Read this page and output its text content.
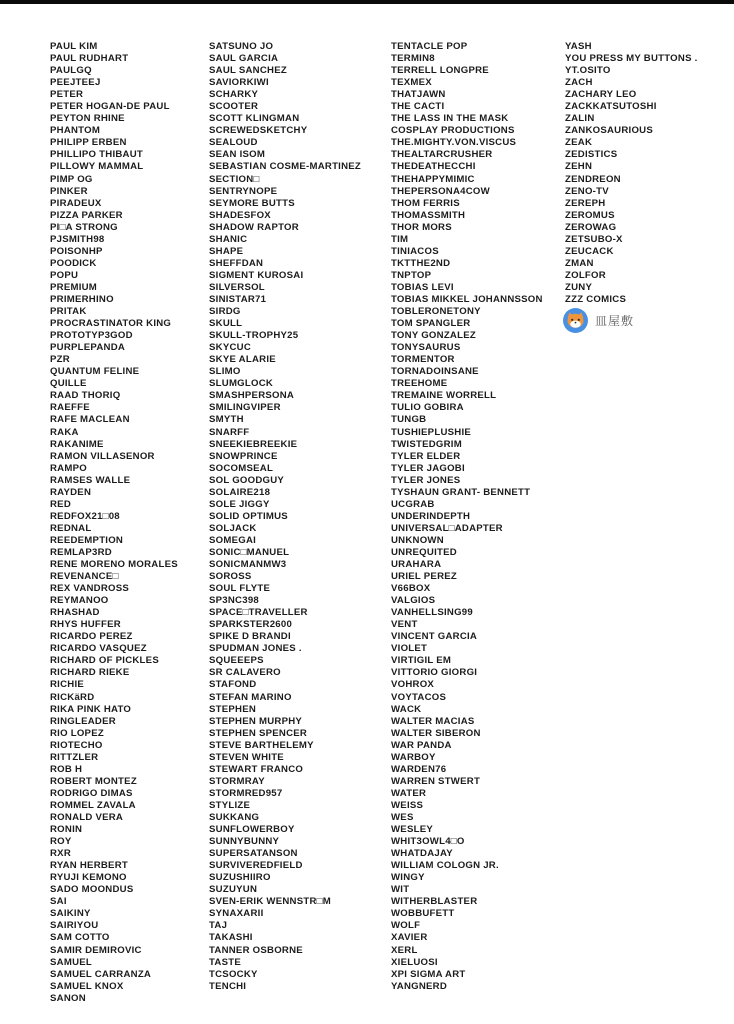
PAUL KIM
PAUL RUDHART
PAULGQ
PEEJTEEJ
PETER
PETER HOGAN-DE PAUL
PEYTON RHINE
PHANTOM
PHILIPP ERBEN
PHILLIPO THIBAUT
PILLOWY MAMMAL
PIMP OG
PINKER
PIRADEUX
PIZZA PARKER
PI□A STRONG
PJSMITH98
POISONHP
POODICK
POPU
PREMIUM
PRIMERHINO
PRITAK
PROCRASTINATOR KING
PROTOTYP3GOD
PURPLEPANDA
PZR
QUANTUM FELINE
QUILLE
RAAD THORIQ
RAEFFE
RAFE MACLEAN
RAKA
RAKANIME
RAMON VILLASENOR
RAMPO
RAMSES WALLE
RAYDEN
RED
REDFOX21□08
REDNAL
REEDEMPTION
REMLAP3RD
RENE MORENO MORALES
REVENANCE□
REX VANDROSS
REYMANOO
RHASHAD
RHYS HUFFER
RICARDO PEREZ
RICARDO VASQUEZ
RICHARD OF PICKLES
RICHARD RIEKE
RICHIE
RICKäRD
RIKA PINK HATO
RINGLEADER
RIO LOPEZ
RIOTECHO
RITTZLER
ROB H
ROBERT MONTEZ
RODRIGO DIMAS
ROMMEL ZAVALA
RONALD VERA
RONIN
ROY
RXR
RYAN HERBERT
RYUJI KEMONO
SADO MOONDUS
SAI
SAIKINY
SAIRIYOU
SAM COTTO
SAMIR DEMIROVIC
SAMUEL
SAMUEL CARRANZA
SAMUEL KNOX
SANON
SATSUNO JO
SAUL GARCIA
SAUL SANCHEZ
SAVIORKIWI
SCHARKY
SCOOTER
SCOTT KLINGMAN
SCREWEDSKETCHY
SEALOUD
SEAN ISOM
SEBASTIAN COSME-MARTINEZ
SECTION□
SENTRYNOPE
SEYMORE BUTTS
SHADESFOX
SHADOW RAPTOR
SHANIC
SHAPE
SHEFFDAN
SIGMENT KUROSAI
SILVERSOL
SINISTAR71
SIRDG
SKULL
SKULL-TROPHY25
SKYCUC
SKYE ALARIE
SLIMO
SLUMGLOCK
SMASHPERSONA
SMILINGVIPER
SMYTH
SNARFF
SNEEKIEBREEKIE
SNOWPRINCE
SOCOMSEAL
SOL GOODGUY
SOLAIRE218
SOLE JIGGY
SOLID OPTIMUS
SOLJACK
SOMEGAI
SONIC□MANUEL
SONICMANMW3
SOROSS
SOUL FLYTE
SP3NC398
SPACE□TRAVELLER
SPARKSTER2600
SPIKE D BRANDI
SPUDMAN JONES .
SQUEEEPS
SR CALAVERO
STAFOND
STEFAN MARINO
STEPHEN
STEPHEN MURPHY
STEPHEN SPENCER
STEVE BARTHELEMY
STEVEN WHITE
STEWART FRANCO
STORMRAY
STORMRED957
STYLIZE
SUKKANG
SUNFLOWERBOY
SUNNYBUNNY
SUPERSATANSON
SURVIVEREDFIELD
SUZUSHIIRO
SUZUYUN
SVEN-ERIK WENNSTR□M
SYNAXARII
TAJ
TAKASHI
TANNER OSBORNE
TASTE
TCSOCKY
TENCHI
TENTACLE POP
TERMIN8
TERRELL LONGPRE
TEXMEX
THATJAWN
THE CACTI
THE LASS IN THE MASK
COSPLAY PRODUCTIONS
THE.MIGHTY.VON.VISCUS
THEALTARCRUSHER
THEDEATHECCHI
THEHAPPYMIMIC
THEPERSONA4COW
THOM FERRIS
THOMASSMITH
THOR MORS
TIM
TINIACOS
TKTTHE2ND
TNPTOP
TOBIAS LEVI
TOBIAS MIKKEL JOHANNSSON
TOBLERONETONY
TOM SPANGLER
TONY GONZALEZ
TONYSAURUS
TORMENTOR
TORNADOINSANE
TREEHOME
TREMAINE WORRELL
TULIO GOBIRA
TUNGB
TUSHIEPLUSHIE
TWISTEDGRIM
TYLER ELDER
TYLER JAGOBI
TYLER JONES
TYSHAUN GRANT- BENNETT
UCGRAB
UNDERINDEPTH
UNIVERSAL□ADAPTER
UNKNOWN
UNREQUITED
URAHARA
URIEL PEREZ
V66BOX
VALGIOS
VANHELLSING99
VENT
VINCENT GARCIA
VIOLET
VIRTIGIL EM
VITTORIO GIORGI
VOHROX
VOYTACOS
WACK
WALTER MACIAS
WALTER SIBERON
WAR PANDA
WARBOY
WARDEN76
WARREN STWERT
WATER
WEISS
WES
WESLEY
WHIT3OWL4□O
WHATDAJAY
WILLIAM COLOGN JR.
WINGY
WIT
WITHERBLASTER
WOBBUFETT
WOLF
XAVIER
XERL
XIELUOSI
XPI SIGMA ART
YANGNERD
YASH
YOU PRESS MY BUTTONS .
YT.OSITO
ZACH
ZACHARY LEO
ZACKKATSUTOSHI
ZALIN
ZANKOSAURIOUS
ZEAK
ZEDISTICS
ZEHN
ZENDREON
ZENO-TV
ZEREPH
ZEROMUS
ZEROWAG
ZETSUBO-X
ZEUCACK
ZMAN
ZOLFOR
ZUNY
ZZZ COMICS
皿屋敷
